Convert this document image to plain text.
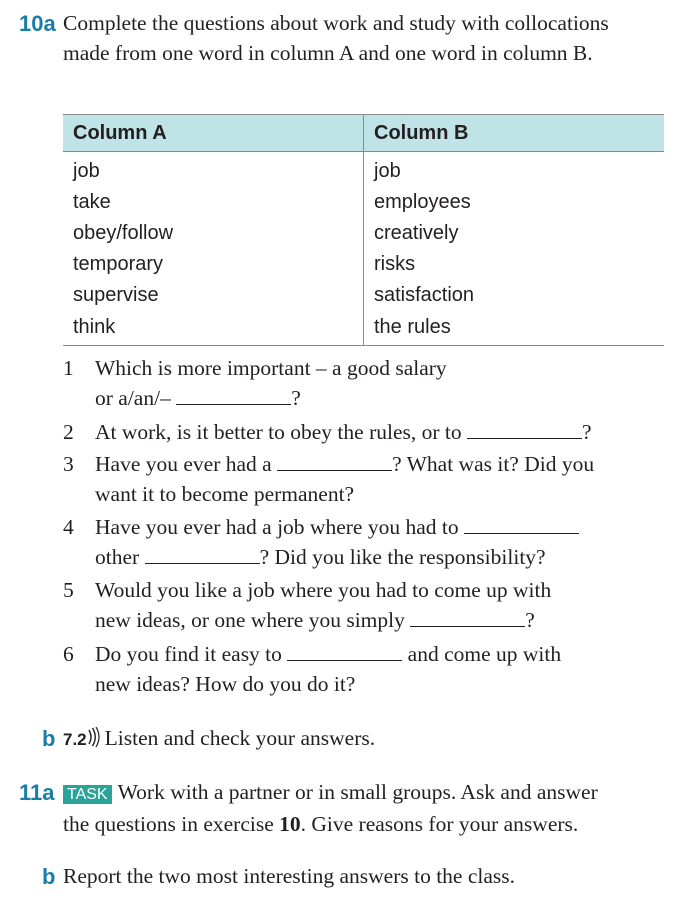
10a Complete the questions about work and study with collocations made from one word in column A and one word in column B.
Column A	Column B
job	job
take	employees
obey/follow	creatively
temporary	risks
supervise	satisfaction
think	the rules
1 Which is more important – a good salary
or a/an/–	?
2 At work, is it better to obey the rules, or to	?
3 Have you ever had a	? What was it? Did you
want it to become permanent?
4 Have you ever had a job where you had to
other	? Did you like the responsibility?
5 Would you like a job where you had to come up with
new ideas, or one where you simply	?
6 Do you find it easy to	and come up with
new ideas? How do you do it?
b 7.2 Listen and check your answers.
11a TASK Work with a partner or in small groups. Ask and answer
the questions in exercise 10. Give reasons for your answers.
b Report the two most interesting answers to the class.
